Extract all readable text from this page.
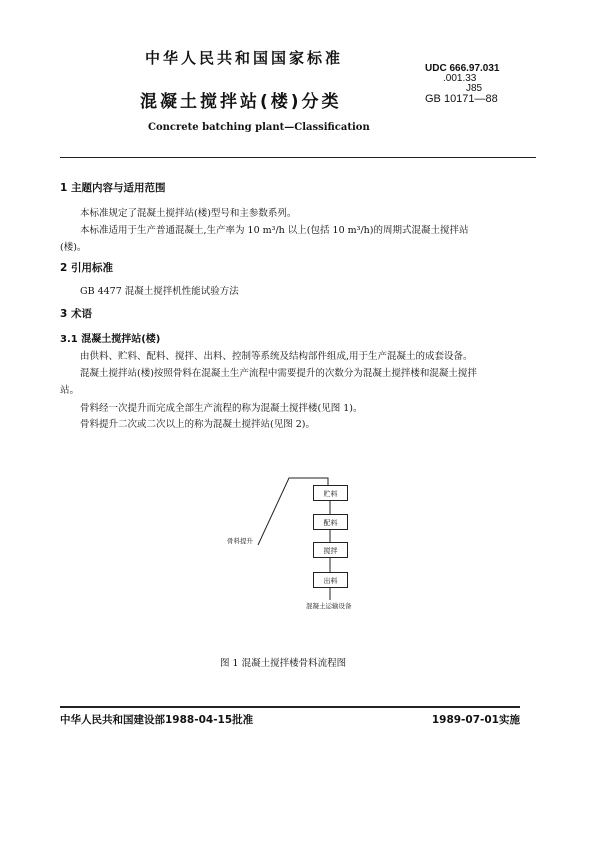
中华人民共和国国家标准
混凝土搅拌站(楼)分类
Concrete batching plant—Classification
UDC 666.97.031
.001.33
J85
GB 10171—88
1 主题内容与适用范围
本标准规定了混凝土搅拌站(楼)型号和主参数系列。
本标准适用于生产普通混凝土,生产率为 10 m³/h 以上(包括 10 m³/h)的周期式混凝土搅拌站
(楼)。
2 引用标准
GB 4477 混凝土搅拌机性能试验方法
3 术语
3.1 混凝土搅拌站(楼)
由供料、贮料、配料、搅拌、出料、控制等系统及结构部件组成,用于生产混凝土的成套设备。
混凝土搅拌站(楼)按照骨料在混凝土生产流程中需要提升的次数分为混凝土搅拌楼和混凝土搅拌
站。
骨料经一次提升而完成全部生产流程的称为混凝土搅拌楼(见图 1)。
骨料提升二次或二次以上的称为混凝土搅拌站(见图 2)。
贮料
配料
搅拌
出料
骨料提升
混凝土运输设备
图 1 混凝土搅拌楼骨料流程图
中华人民共和国建设部1988-04-15批准	1989-07-01实施
